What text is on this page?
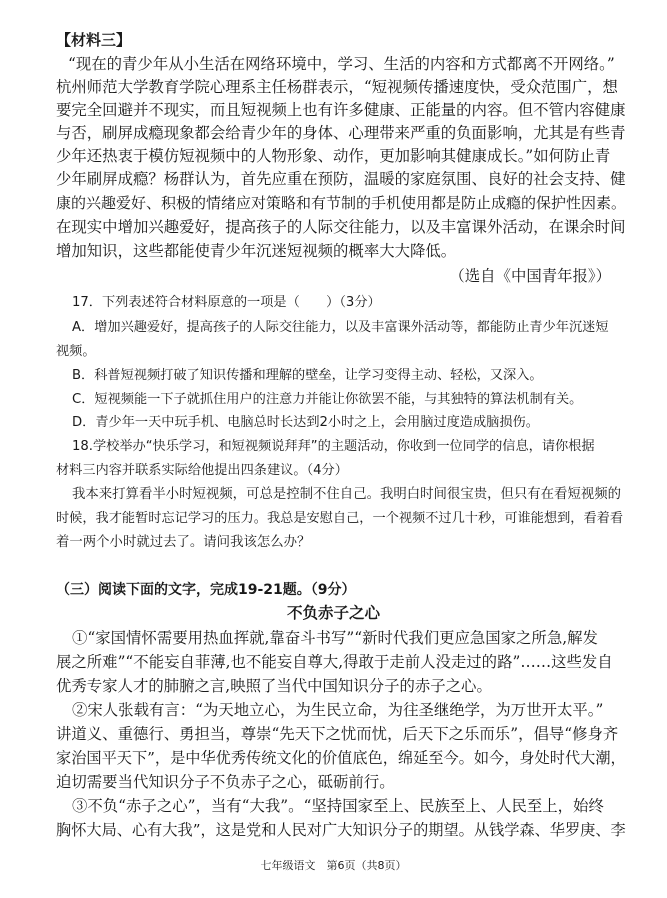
【材料三】
“现在的青少年从小生活在网络环境中，学习、生活的内容和方式都离不开网络。”
杭州师范大学教育学院心理系主任杨群表示，“短视频传播速度快，受众范围广，想
要完全回避并不现实，而且短视频上也有许多健康、正能量的内容。但不管内容健康
与否，刷屏成瘾现象都会给青少年的身体、心理带来严重的负面影响，尤其是有些青
少年还热衷于模仿短视频中的人物形象、动作，更加影响其健康成长。”如何防止青
少年刷屏成瘾？杨群认为，首先应重在预防，温暖的家庭氛围、良好的社会支持、健
康的兴趣爱好、积极的情绪应对策略和有节制的手机使用都是防止成瘾的保护性因素。
在现实中增加兴趣爱好，提高孩子的人际交往能力，以及丰富课外活动，在课余时间
增加知识，这些都能使青少年沉迷短视频的概率大大降低。
（选自《中国青年报》）
17．下列表述符合材料原意的一项是（　　）（3分）
A．增加兴趣爱好，提高孩子的人际交往能力，以及丰富课外活动等，都能防止青少年沉迷短
视频。
B．科普短视频打破了知识传播和理解的壁垒，让学习变得主动、轻松，又深入。
C．短视频能一下子就抓住用户的注意力并能让你欲罢不能，与其独特的算法机制有关。
D．青少年一天中玩手机、电脑总时长达到2小时之上，会用脑过度造成脑损伤。
18.学校举办“快乐学习，和短视频说拜拜”的主题活动，你收到一位同学的信息，请你根据
材料三内容并联系实际给他提出四条建议。（4分）
我本来打算看半小时短视频，可总是控制不住自己。我明白时间很宝贵，但只有在看短视频的
时候，我才能暂时忘记学习的压力。我总是安慰自己，一个视频不过几十秒，可谁能想到，看着看
着一两个小时就过去了。请问我该怎么办？
（三）阅读下面的文字，完成19-21题。（9分）
不负赤子之心
①“家国情怀需要用热血挥就,靠奋斗书写”“新时代我们更应急国家之所急,解发
展之所难”“不能妄自菲薄,也不能妄自尊大,得敢于走前人没走过的路”……这些发自
优秀专家人才的肺腑之言,映照了当代中国知识分子的赤子之心。
②宋人张载有言：“为天地立心，为生民立命，为往圣继绝学，为万世开太平。”
讲道义、重德行、勇担当，尊崇“先天下之忧而忧，后天下之乐而乐”，倡导“修身齐
家治国平天下”，是中华优秀传统文化的价值底色，绵延至今。如今，身处时代大潮，
迫切需要当代知识分子不负赤子之心，砥砺前行。
③不负“赤子之心”，当有“大我”。“坚持国家至上、民族至上、人民至上，始终
胸怀大局、心有大我”，这是党和人民对广大知识分子的期望。从钱学森、华罗庚、李
七年级语文　第6页（共8页）
